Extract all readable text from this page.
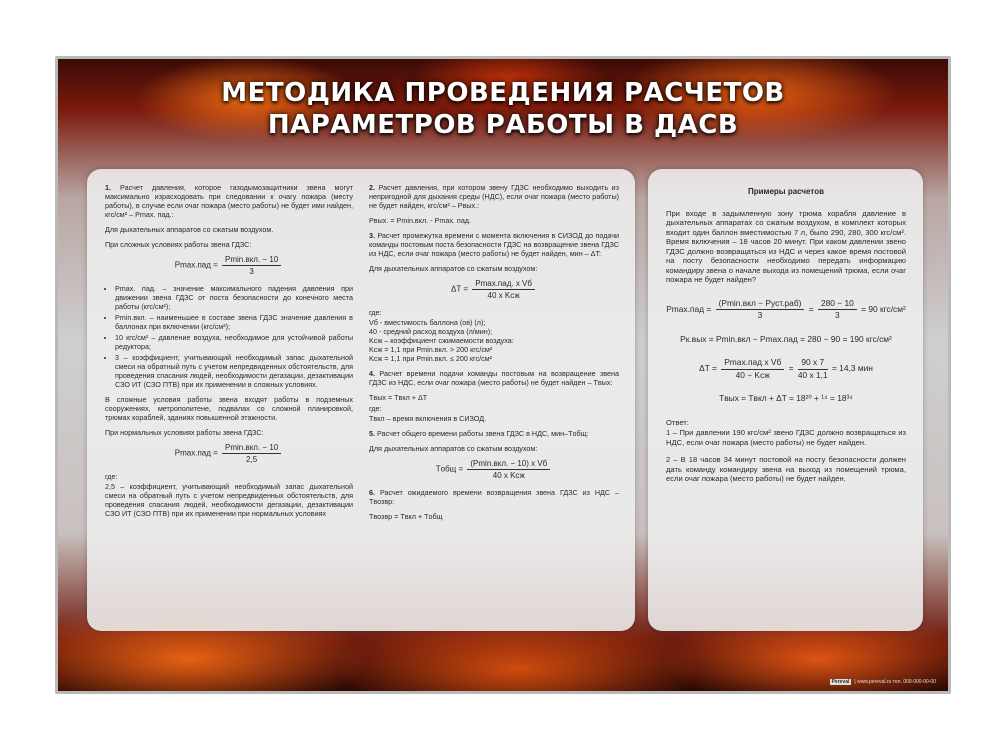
МЕТОДИКА ПРОВЕДЕНИЯ РАСЧЕТОВ
ПАРАМЕТРОВ РАБОТЫ В ДАСВ

1. Расчет давления, которое газодымозащитники звена могут максимально израсходовать при следовании к очагу пожара (месту работы), в случае если очаг пожара (место работы) не будет ими найден, кгс/см² – Pmax. пад.:

Для дыхательных аппаратов со сжатым воздухом.

При сложных условиях работы звена ГДЗС:

$Pmax.пад = \frac{\text{Pmin.вкл. − 10}}{3}$
• Pmax. пад. – значение максимального падения давления при движении звена ГДЗС от поста безопасности до конечного места работы (кгс/см²);
• Pmin.вкл. – наименьшее в составе звена ГДЗС значение давления в баллонах при включении (кгс/см²);
• 10 кгс/см² – давление воздуха, необходимое для устойчивой работы редуктора;
• 3 – коэффициент, учитывающий необходимый запас дыхательной смеси на обратный путь с учетом непредвиденных обстоятельств, для проведения спасания людей, необходимости дегазации, дезактивации СЗО ИТ (СЗО ПТВ) при их применении в сложных условиях.

В сложные условия работы звена входят работы в подземных сооружениях, метрополитене, подвалах со сложной планировкой, трюмах кораблей, зданиях повышенной этажности.

При нормальных условиях работы звена ГДЗС:

$Pmax.пад = \frac{\text{Pmin.вкл. − 10}}{2,5}$

где:

2,5 – коэффициент, учитывающий необходимый запас дыхательной смеси на обратный путь с учетом непредвиденных обстоятельств, для проведения спасания людей, необходимости дегазации, дезактивации СЗО ИТ (СЗО ПТВ) при их применении при нормальных условиях

2. Расчет давления, при котором звену ГДЗС необходимо выходить из непригодной для дыхания среды (НДС), если очаг пожара (место работы) не будет найден, кгс/см² – Pвых.:

Pвых. = Pmin.вкл. - Pmax. пад.

3. Расчет промежутка времени с момента включения в СИЗОД до подачи команды постовым поста безопасности ГДЗС на возвращение звена ГДЗС из НДС, если очаг пожара (место работы) не будет найден, мин – ΔT:

Для дыхательных аппаратов со сжатым воздухом:

$\Delta T = \frac{\text{Pmax.пад. x Vб}}{\text{40 x Kсж}}$

где:

Vб - вместимость баллона (ов) (л);
40 - средний расход воздуха (л/мин);
Kсж – коэффициент сжимаемости воздуха:
Kсж = 1,1 при Pmin.вкл. > 200 кгс/см²
Kсж = 1,1 при Pmin.вкл. ≤ 200 кгс/см²

4. Расчет времени подачи команды постовым на возвращение звена ГДЗС из НДС, если очаг пожара (место работы) не будет найден – Tвых:

Tвых = Tвкл + ΔT

где:

Tвкл – время включения в СИЗОД.

5. Расчет общего времени работы звена ГДЗС в НДС, мин–Tобщ:

Для дыхательных аппаратов со сжатым воздухом:

Tобщ = $\frac{\text{(Pmin.вкл. − 10) x Vб}}{\text{40 x Kсж}}$

6. Расчет ожидаемого времени возвращения звена ГДЗС из НДС – Tвозвр:

Tвозвр = Tвкл + Tобщ

Примеры расчетов

При входе в задымленную зону трюма корабля давление в дыхательных аппаратах со сжатым воздухом, в комплект которых входит один баллон вместимостью 7 л, было 290, 280, 300 кгс/см². Время включения – 18 часов 20 минут. При каком давлении звено ГДЗС должно возвращаться из НДС и через какое время постовой на посту безопасности необходимо передать информацию командиру звена о начале выхода из помещений трюма, если очаг пожара не будет найден?

$Pmax.пад = \frac{\text{(Pmin.вкл − Pуст.раб)}}{3} = \frac{280 - 10}{3} = 90$ кгс/см²
Pк.вых = Pmin.вкл − Pmax.пад = 280 − 90 = 190 кгс/см²
$\Delta T = \frac{\text{Pmax.пад x Vб}}{\text{40 − Kсж}} = \frac{90 x 7}{40 x 1,1} = 14,3$ мин
Tвых = Tвкл + ΔT = 18²⁰ + ¹⁴ = 18³⁴

Ответ:

1 – При давлении 190 кгс/см² звено ГДЗС должно возвращаться из НДС, если очаг пожара (место работы) не будет найден.

2 – В 18 часов 34 минут постовой на посту безопасности должен дать команду командиру звена на выход из помещений трюма, если очаг пожара (место работы) не будет найден.

Pereval | www.pereval.ru тел. 000-000-00-00
